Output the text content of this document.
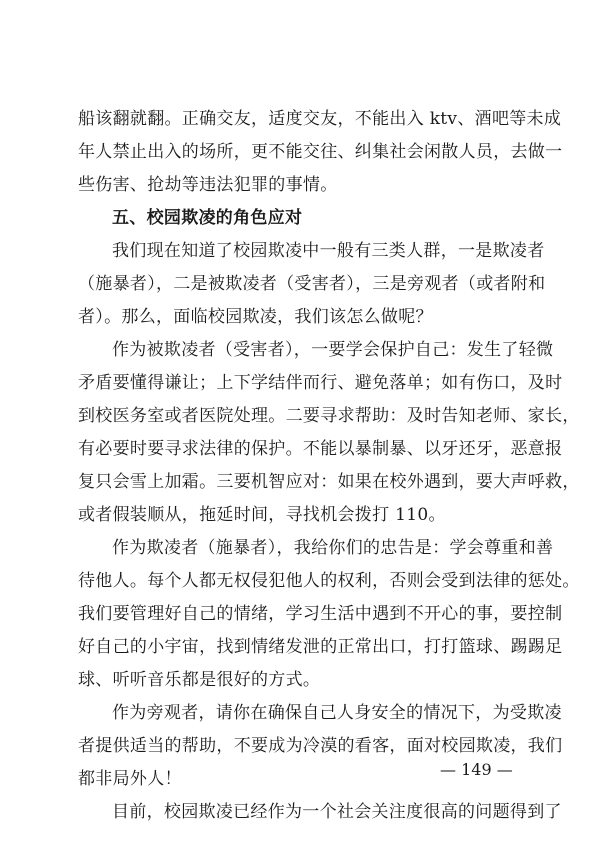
船该翻就翻。正确交友，适度交友，不能出入 ktv、酒吧等未成
年人禁止出入的场所，更不能交往、纠集社会闲散人员，去做一
些伤害、抢劫等违法犯罪的事情。
五、校园欺凌的角色应对
我们现在知道了校园欺凌中一般有三类人群，一是欺凌者
（施暴者），二是被欺凌者（受害者），三是旁观者（或者附和
者）。那么，面临校园欺凌，我们该怎么做呢？
作为被欺凌者（受害者），一要学会保护自己：发生了轻微
矛盾要懂得谦让；上下学结伴而行、避免落单；如有伤口，及时
到校医务室或者医院处理。二要寻求帮助：及时告知老师、家长，
有必要时要寻求法律的保护。不能以暴制暴、以牙还牙，恶意报
复只会雪上加霜。三要机智应对：如果在校外遇到，要大声呼救，
或者假装顺从，拖延时间，寻找机会拨打 110。
作为欺凌者（施暴者），我给你们的忠告是：学会尊重和善
待他人。每个人都无权侵犯他人的权利，否则会受到法律的惩处。
我们要管理好自己的情绪，学习生活中遇到不开心的事，要控制
好自己的小宇宙，找到情绪发泄的正常出口，打打篮球、踢踢足
球、听听音乐都是很好的方式。
作为旁观者，请你在确保自己人身安全的情况下，为受欺凌
者提供适当的帮助，不要成为冷漠的看客，面对校园欺凌，我们
都非局外人！
目前，校园欺凌已经作为一个社会关注度很高的问题得到了
— 149 —
